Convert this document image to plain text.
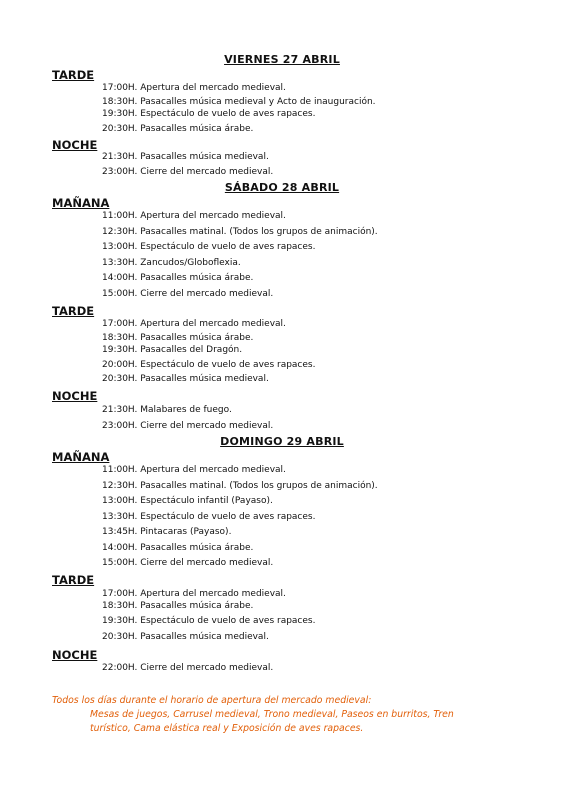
VIERNES 27 ABRIL
TARDE
17:00H. Apertura del mercado medieval.
18:30H. Pasacalles música medieval y Acto de inauguración.
19:30H. Espectáculo de vuelo de aves rapaces.
20:30H. Pasacalles música árabe.
NOCHE
21:30H. Pasacalles música medieval.
23:00H. Cierre del mercado medieval.
SÁBADO 28 ABRIL
MAÑANA
11:00H. Apertura del mercado medieval.
12:30H. Pasacalles matinal. (Todos los grupos de animación).
13:00H. Espectáculo de vuelo de aves rapaces.
13:30H. Zancudos/Globoflexia.
14:00H. Pasacalles música árabe.
15:00H. Cierre del mercado medieval.
TARDE
17:00H. Apertura del mercado medieval.
18:30H. Pasacalles música árabe.
19:30H. Pasacalles del Dragón.
20:00H. Espectáculo de vuelo de aves rapaces.
20:30H. Pasacalles música medieval.
NOCHE
21:30H. Malabares de fuego.
23:00H. Cierre del mercado medieval.
DOMINGO 29 ABRIL
MAÑANA
11:00H. Apertura del mercado medieval.
12:30H. Pasacalles matinal. (Todos los grupos de animación).
13:00H. Espectáculo infantil (Payaso).
13:30H. Espectáculo de vuelo de aves rapaces.
13:45H. Pintacaras (Payaso).
14:00H. Pasacalles música árabe.
15:00H. Cierre del mercado medieval.
TARDE
17:00H. Apertura del mercado medieval.
18:30H. Pasacalles música árabe.
19:30H. Espectáculo de vuelo de aves rapaces.
20:30H. Pasacalles música medieval.
NOCHE
22:00H. Cierre del mercado medieval.
Todos los días durante el horario de apertura del mercado medieval:
Mesas de juegos, Carrusel medieval, Trono medieval, Paseos en burritos, Tren
turístico, Cama elástica real y Exposición de aves rapaces.
